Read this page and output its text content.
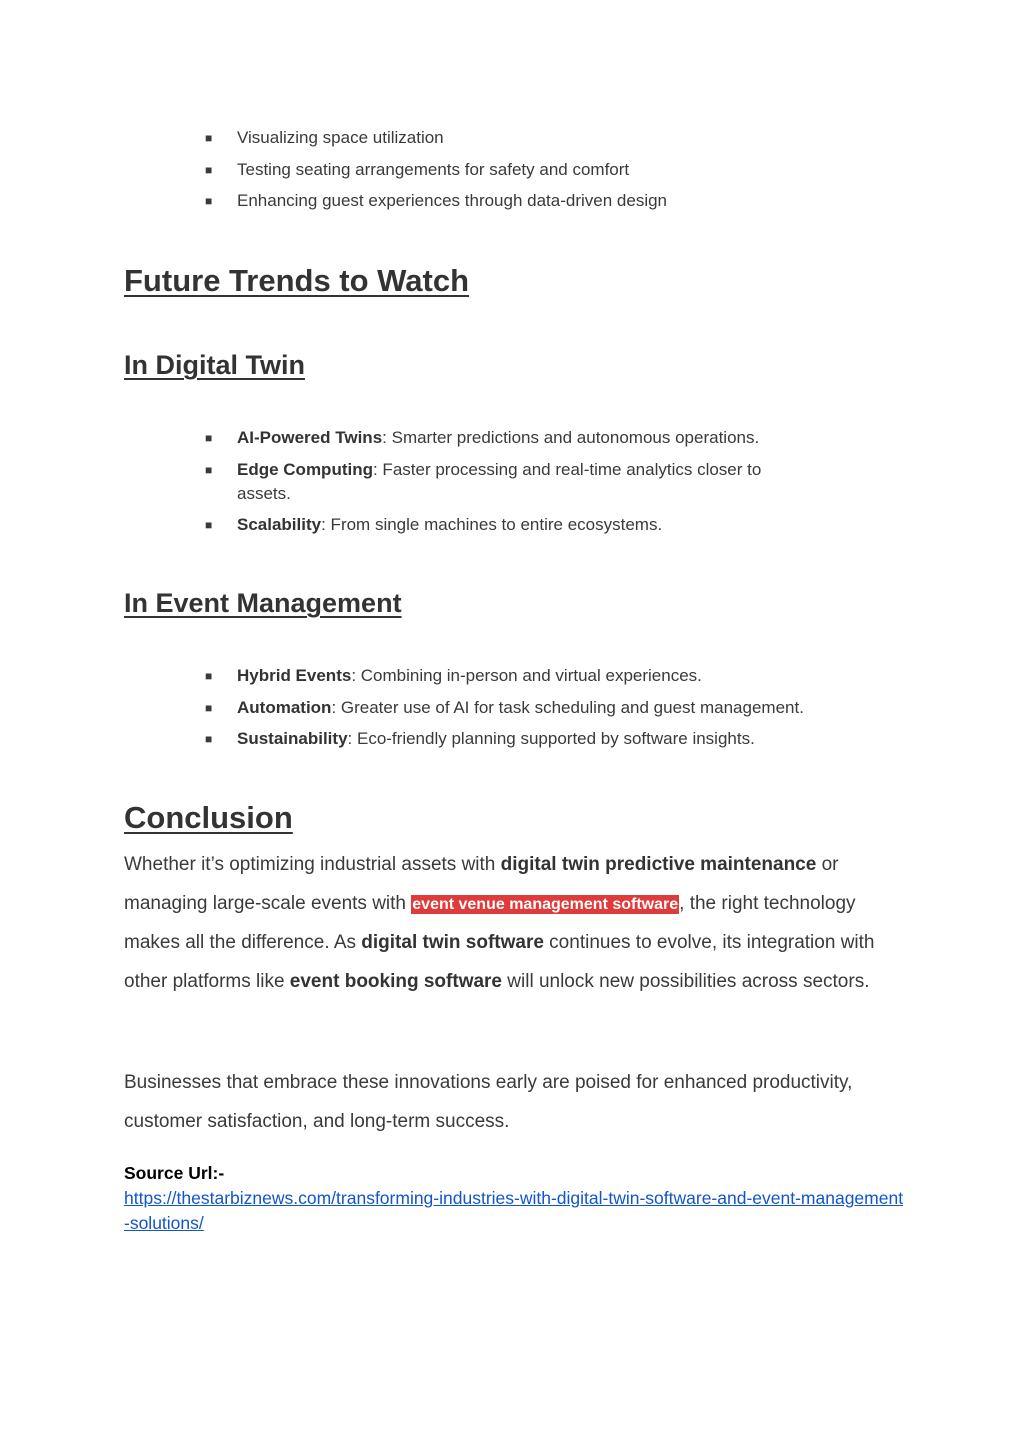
■ Visualizing space utilization
■ Testing seating arrangements for safety and comfort
■ Enhancing guest experiences through data-driven design
Future Trends to Watch
In Digital Twin
■ AI-Powered Twins: Smarter predictions and autonomous operations.
■ Edge Computing: Faster processing and real-time analytics closer to assets.
■ Scalability: From single machines to entire ecosystems.
In Event Management
■ Hybrid Events: Combining in-person and virtual experiences.
■ Automation: Greater use of AI for task scheduling and guest management.
■ Sustainability: Eco-friendly planning supported by software insights.
Conclusion

Whether it’s optimizing industrial assets with digital twin predictive maintenance or managing large-scale events with event venue management software, the right technology makes all the difference. As digital twin software continues to evolve, its integration with other platforms like event booking software will unlock new possibilities across sectors.

Businesses that embrace these innovations early are poised for enhanced productivity, customer satisfaction, and long-term success.

Source Url:-
https://thestarbiznews.com/transforming-industries-with-digital-twin-software-and-event-management-solutions/
